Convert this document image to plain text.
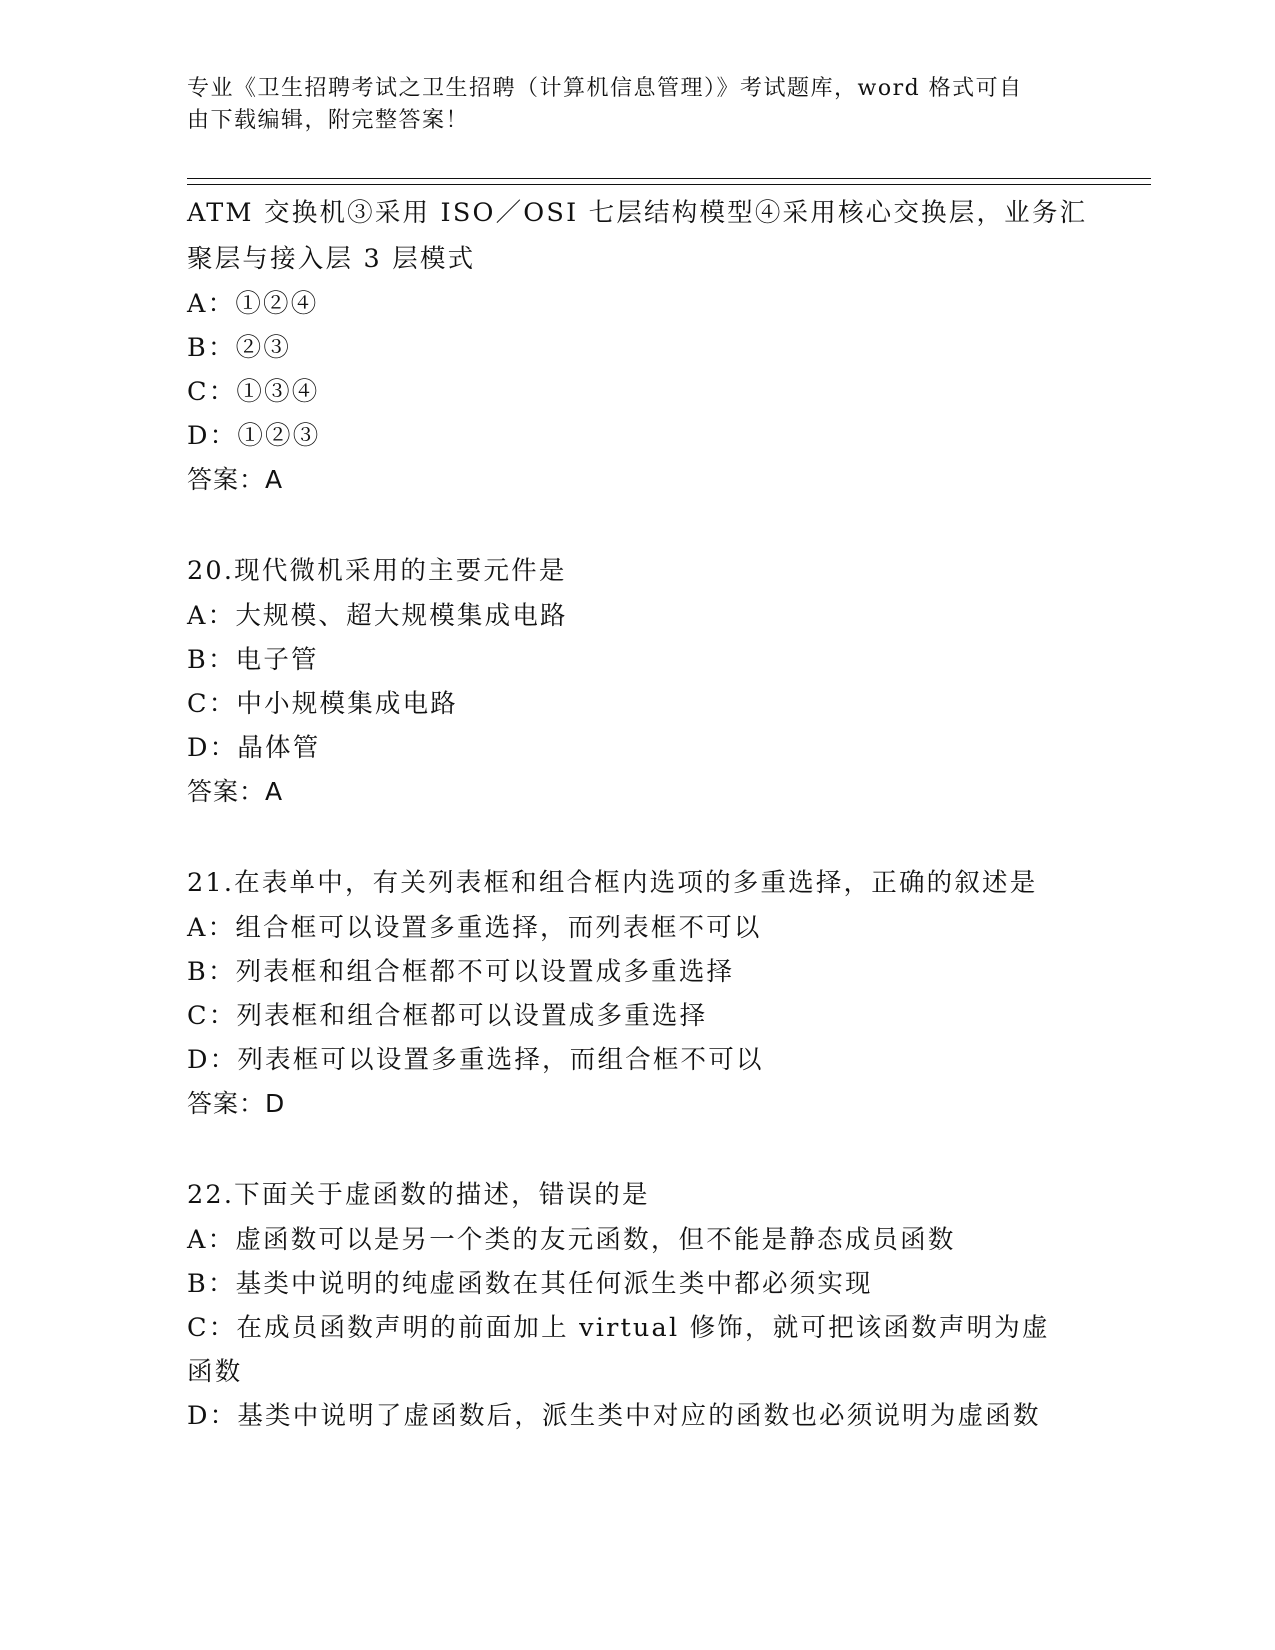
专业《卫生招聘考试之卫生招聘（计算机信息管理）》考试题库，word 格式可自
由下载编辑，附完整答案！
ATM 交换机③采用 ISO／OSI 七层结构模型④采用核心交换层，业务汇
聚层与接入层 3 层模式
A：①②④
B：②③
C：①③④
D：①②③
答案：A
20.现代微机采用的主要元件是
A：大规模、超大规模集成电路
B：电子管
C：中小规模集成电路
D：晶体管
答案：A
21.在表单中，有关列表框和组合框内选项的多重选择，正确的叙述是
A：组合框可以设置多重选择，而列表框不可以
B：列表框和组合框都不可以设置成多重选择
C：列表框和组合框都可以设置成多重选择
D：列表框可以设置多重选择，而组合框不可以
答案：D
22.下面关于虚函数的描述，错误的是
A：虚函数可以是另一个类的友元函数，但不能是静态成员函数
B：基类中说明的纯虚函数在其任何派生类中都必须实现
C：在成员函数声明的前面加上 virtual 修饰，就可把该函数声明为虚
函数
D：基类中说明了虚函数后，派生类中对应的函数也必须说明为虚函数
